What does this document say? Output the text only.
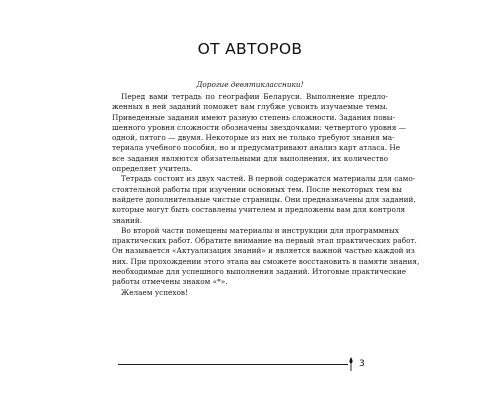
ОТ АВТОРОВ
Дорогие девятиклассники!
Перед вами тетрадь по географии Беларуси. Выполнение предло-
женных в ней заданий поможет вам глубже усвоить изучаемые темы.
Приведенные задания имеют разную степень сложности. Задания повы-
шенного уровня сложности обозначены звездочками: четвертого уровня —
одной, пятого — двумя. Некоторые из них не только требуют знания ма-
териала учебного пособия, но и предусматривают анализ карт атласа. Не
все задания являются обязательными для выполнения, их количество
определяет учитель.
Тетрадь состоит из двух частей. В первой содержатся материалы для само-
стоятельной работы при изучении основных тем. После некоторых тем вы
найдете дополнительные чистые страницы. Они предназначены для заданий,
которые могут быть составлены учителем и предложены вам для контроля
знаний.
Во второй части помещены материалы и инструкции для программных
практических работ. Обратите внимание на первый этап практических работ.
Он называется «Актуализация знаний» и является важной частью каждой из
них. При прохождении этого этапа вы сможете восстановить в памяти знания,
необходимые для успешного выполнения заданий. Итоговые практические
работы отмечены знаком «*».
Желаем успехов!
3
